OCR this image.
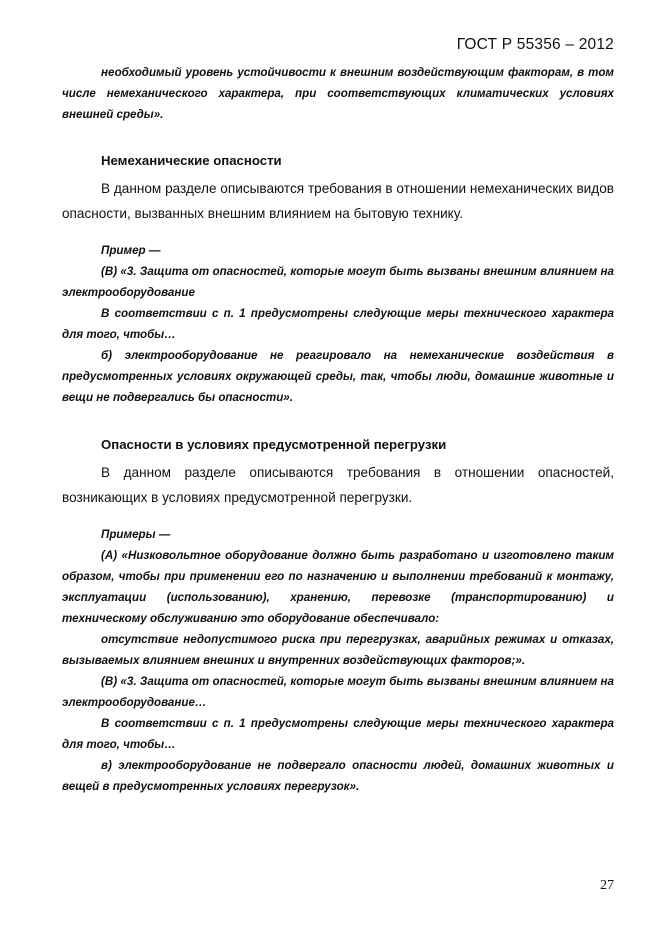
ГОСТ Р 55356 – 2012

необходимый уровень устойчивости к внешним воздействующим факторам, в том числе немеханического характера, при соответствующих климатических условиях внешней среды».

Немеханические опасности

В данном разделе описываются требования в отношении немеханических видов опасности, вызванных внешним влиянием на бытовую технику.

Пример —

(В) «3. Защита от опасностей, которые могут быть вызваны внешним влиянием на электрооборудование

В соответствии с п. 1 предусмотрены следующие меры технического характера для того, чтобы…

б) электрооборудование не реагировало на немеханические воздействия в предусмотренных условиях окружающей среды, так, чтобы люди, домашние животные и вещи не подвергались бы опасности».

Опасности в условиях предусмотренной перегрузки

В данном разделе описываются требования в отношении опасностей, возникающих в условиях предусмотренной перегрузки.

Примеры —

(А) «Низковольтное оборудование должно быть разработано и изготовлено таким образом, чтобы при применении его по назначению и выполнении требований к монтажу, эксплуатации (использованию), хранению, перевозке (транспортированию) и техническому обслуживанию это оборудование обеспечивало:

отсутствие недопустимого риска при перегрузках, аварийных режимах и отказах, вызываемых влиянием внешних и внутренних воздействующих факторов;».

(В) «3. Защита от опасностей, которые могут быть вызваны внешним влиянием на электрооборудование…

В соответствии с п. 1 предусмотрены следующие меры технического характера для того, чтобы…

в) электрооборудование не подвергало опасности людей, домашних животных и вещей в предусмотренных условиях перегрузок».

27
